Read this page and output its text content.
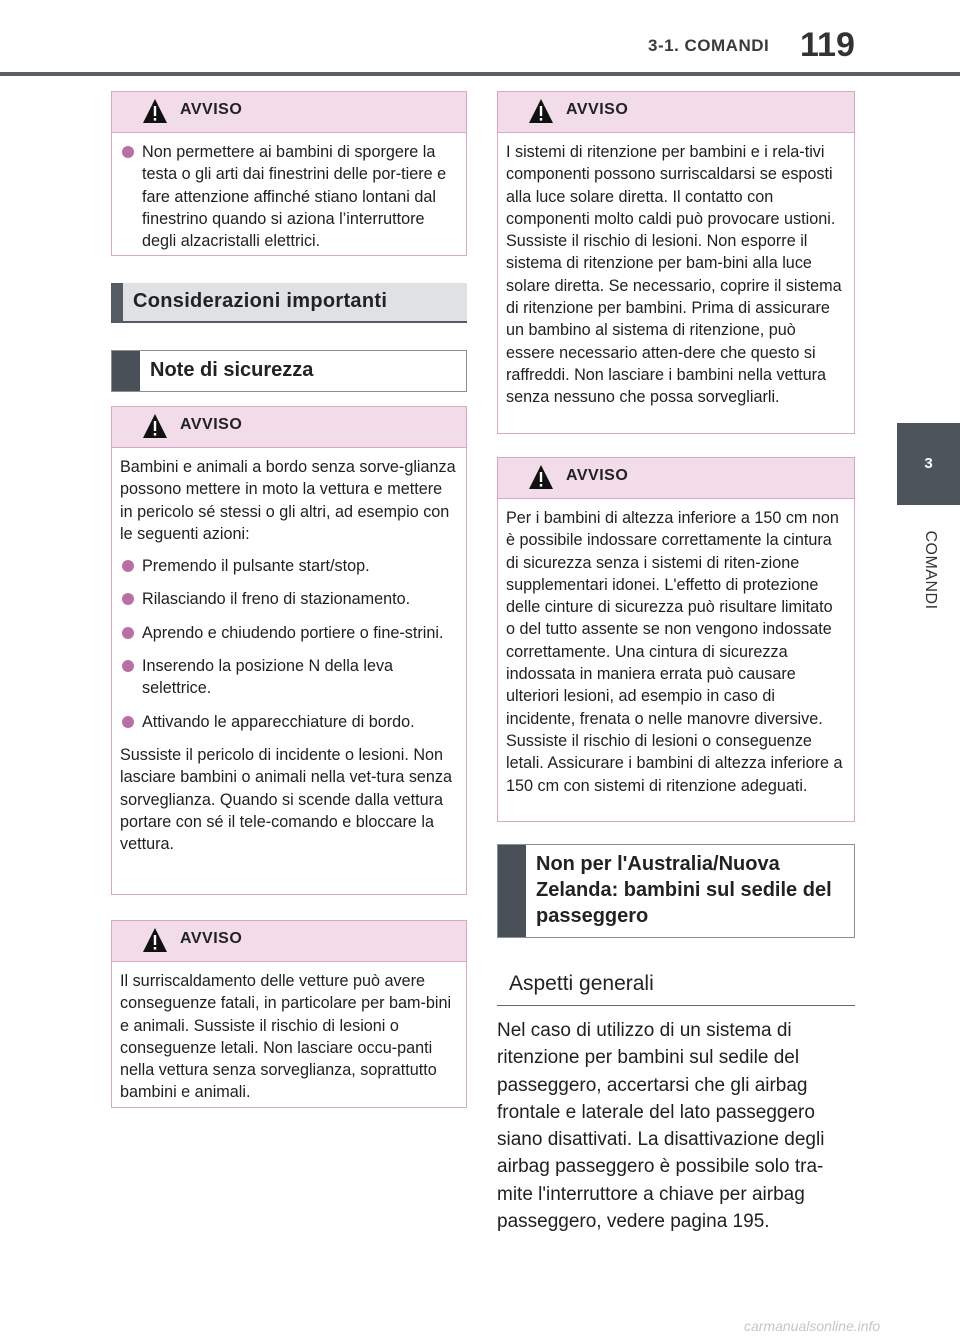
3-1. COMANDI 119
3
COMANDI
AVVISO
Non permettere ai bambini di sporgere la testa o gli arti dai finestrini delle por-tiere e fare attenzione affinché stiano lontani dal finestrino quando si aziona l’interruttore degli alzacristalli elettrici.
Considerazioni importanti
Note di sicurezza
AVVISO

Bambini e animali a bordo senza sorve-glianza possono mettere in moto la vettura e mettere in pericolo sé stessi o gli altri, ad esempio con le seguenti azioni:

Premendo il pulsante start/stop.
Rilasciando il freno di stazionamento.
Aprendo e chiudendo portiere o fine-strini.
Inserendo la posizione N della leva selettrice.
Attivando le apparecchiature di bordo.

Sussiste il pericolo di incidente o lesioni. Non lasciare bambini o animali nella vet-tura senza sorveglianza. Quando si scende dalla vettura portare con sé il tele-comando e bloccare la vettura.

AVVISO

Il surriscaldamento delle vetture può avere conseguenze fatali, in particolare per bam-bini e animali. Sussiste il rischio di lesioni o conseguenze letali. Non lasciare occu-panti nella vettura senza sorveglianza, soprattutto bambini e animali.

AVVISO

I sistemi di ritenzione per bambini e i rela-tivi componenti possono surriscaldarsi se esposti alla luce solare diretta. Il contatto con componenti molto caldi può provocare ustioni. Sussiste il rischio di lesioni. Non esporre il sistema di ritenzione per bam-bini alla luce solare diretta. Se necessario, coprire il sistema di ritenzione per bambini. Prima di assicurare un bambino al sistema di ritenzione, può essere necessario atten-dere che questo si raffreddi. Non lasciare i bambini nella vettura senza nessuno che possa sorvegliarli.

AVVISO

Per i bambini di altezza inferiore a 150 cm non è possibile indossare correttamente la cintura di sicurezza senza i sistemi di riten-zione supplementari idonei. L'effetto di protezione delle cinture di sicurezza può risultare limitato o del tutto assente se non vengono indossate correttamente. Una cintura di sicurezza indossata in maniera errata può causare ulteriori lesioni, ad esempio in caso di incidente, frenata o nelle manovre diversive. Sussiste il rischio di lesioni o conseguenze letali. Assicurare i bambini di altezza inferiore a 150 cm con sistemi di ritenzione adeguati.

Non per l'Australia/Nuova Zelanda: bambini sul sedile del passeggero
Aspetti generali
Nel caso di utilizzo di un sistema di ritenzione per bambini sul sedile del passeggero, accertarsi che gli airbag frontale e laterale del lato passeggero siano disattivati. La disattivazione degli airbag passeggero è possibile solo tra-mite l'interruttore a chiave per airbag passeggero, vedere pagina 195.
carmanualsonline.info
